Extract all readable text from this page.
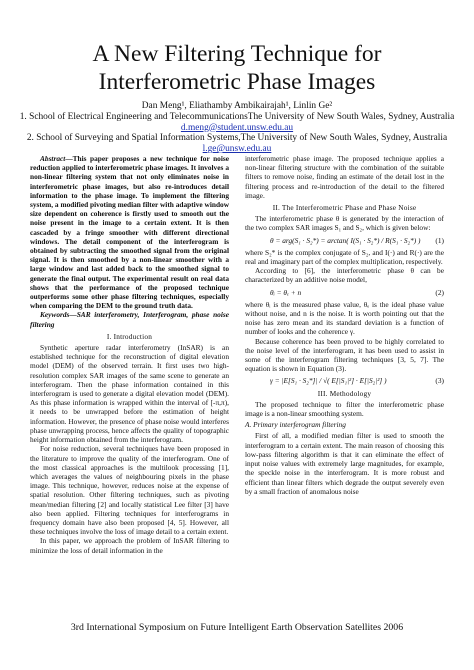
A New Filtering Technique for Interferometric Phase Images
Dan Meng¹, Eliathamby Ambikairajah¹, Linlin Ge²
1. School of Electrical Engineering and TelecommunicationsThe University of New South Wales, Sydney, Australia
d.meng@student.unsw.edu.au
2. School of Surveying and Spatial Information Systems,The University of New South Wales, Sydney, Australia
l.ge@unsw.edu.au

Abstract—This paper proposes a new technique for noise reduction applied to interferometric phase images. It involves a non-linear filtering system that not only eliminates noise in interferometric phase images, but also re-introduces detail information to the phase image. To implement the filtering system, a modified pivoting median filter with adaptive window size dependent on coherence is firstly used to smooth out the noise present in the image to a certain extent. It is then cascaded by a fringe smoother with different directional windows. The detail component of the interferogram is obtained by subtracting the smoothed signal from the original signal. It is then smoothed by a non-linear smoother with a large window and last added back to the smoothed signal to generate the final output. The experimental result on real data shows that the performance of the proposed technique outperforms some other phase filtering techniques, especially when comparing the DEM to the ground truth data.

Keywords—SAR interferometry, Interferogram, phase noise filtering

I. Introduction

Synthetic aperture radar interferometry (InSAR) is an established technique for the reconstruction of digital elevation model (DEM) of the observed terrain. It first uses two high-resolution complex SAR images of the same scene to generate an interferogram. Then the phase information contained in this interferogram is used to generate a digital elevation model (DEM). As this phase information is wrapped within the interval of [-π,π), it needs to be unwrapped before the estimation of height information. However, the presence of phase noise would interferes phase unwrapping process, hence affects the quality of topographic height information obtained from the interferogram.

For noise reduction, several techniques have been proposed in the literature to improve the quality of the interferogram. One of the most classical approaches is the multilook processing [1], which averages the values of neighbouring pixels in the phase image. This technique, however, reduces noise at the expense of spatial resolution. Other filtering techniques, such as pivoting mean/median filtering [2] and locally statistical Lee filter [3] have also been applied. Filtering techniques for interferograms in frequency domain have also been proposed [4, 5]. However, all these techniques involve the loss of image detail to a certain extent.

In this paper, we approach the problem of InSAR filtering to minimize the loss of detail information in the

interferometric phase image. The proposed technique applies a non-linear filtering structure with the combination of the suitable filters to remove noise, finding an estimate of the detail lost in the filtering process and re-introduction of the detail to the filtered image.

II. The Interferometric Phase and Phase Noise

The interferometric phase θ is generated by the interaction of the two complex SAR images S₁ and S₂, which is given below:

θ = arg(S₁ · S₂*) = arctan( I(S₁ · S₂*) / R(S₁ · S₂*) ) (1)

where S₂* is the complex conjugate of S₂, and I(·) and R(·) are the real and imaginary part of the complex multiplication, respectively.

According to [6], the interferometric phase θ can be characterized by an additive noise model,

θᵢ = θₑ + n	(2)

where θᵢ is the measured phase value, θₑ is the ideal phase value without noise, and n is the noise. It is worth pointing out that the noise has zero mean and its standard deviation is a function of number of looks and the coherence γ.

Because coherence has been proved to be highly correlated to the noise level of the interferogram, it has been used to assist in some of the interferogram filtering techniques [3, 5, 7]. The equation is shown in Equation (3).

γ = |E[S₁ · S₂*]| / √( E[|S₁|²] · E[|S₂|²] )	(3)
III. Methodology

The proposed technique to filter the interferometric phase image is a non-linear smoothing system.

A. Primary interferogram filtering

First of all, a modified median filter is used to smooth the interferogram to a certain extent. The main reason of choosing this low-pass filtering algorithm is that it can eliminate the effect of input noise values with extremely large magnitudes, for example, the speckle noise in the interferogram. It is more robust and efficient than linear filters which degrade the output severely even by a small fraction of anomalous noise

3rd International Symposium on Future Intelligent Earth Observation Satellites 2006
